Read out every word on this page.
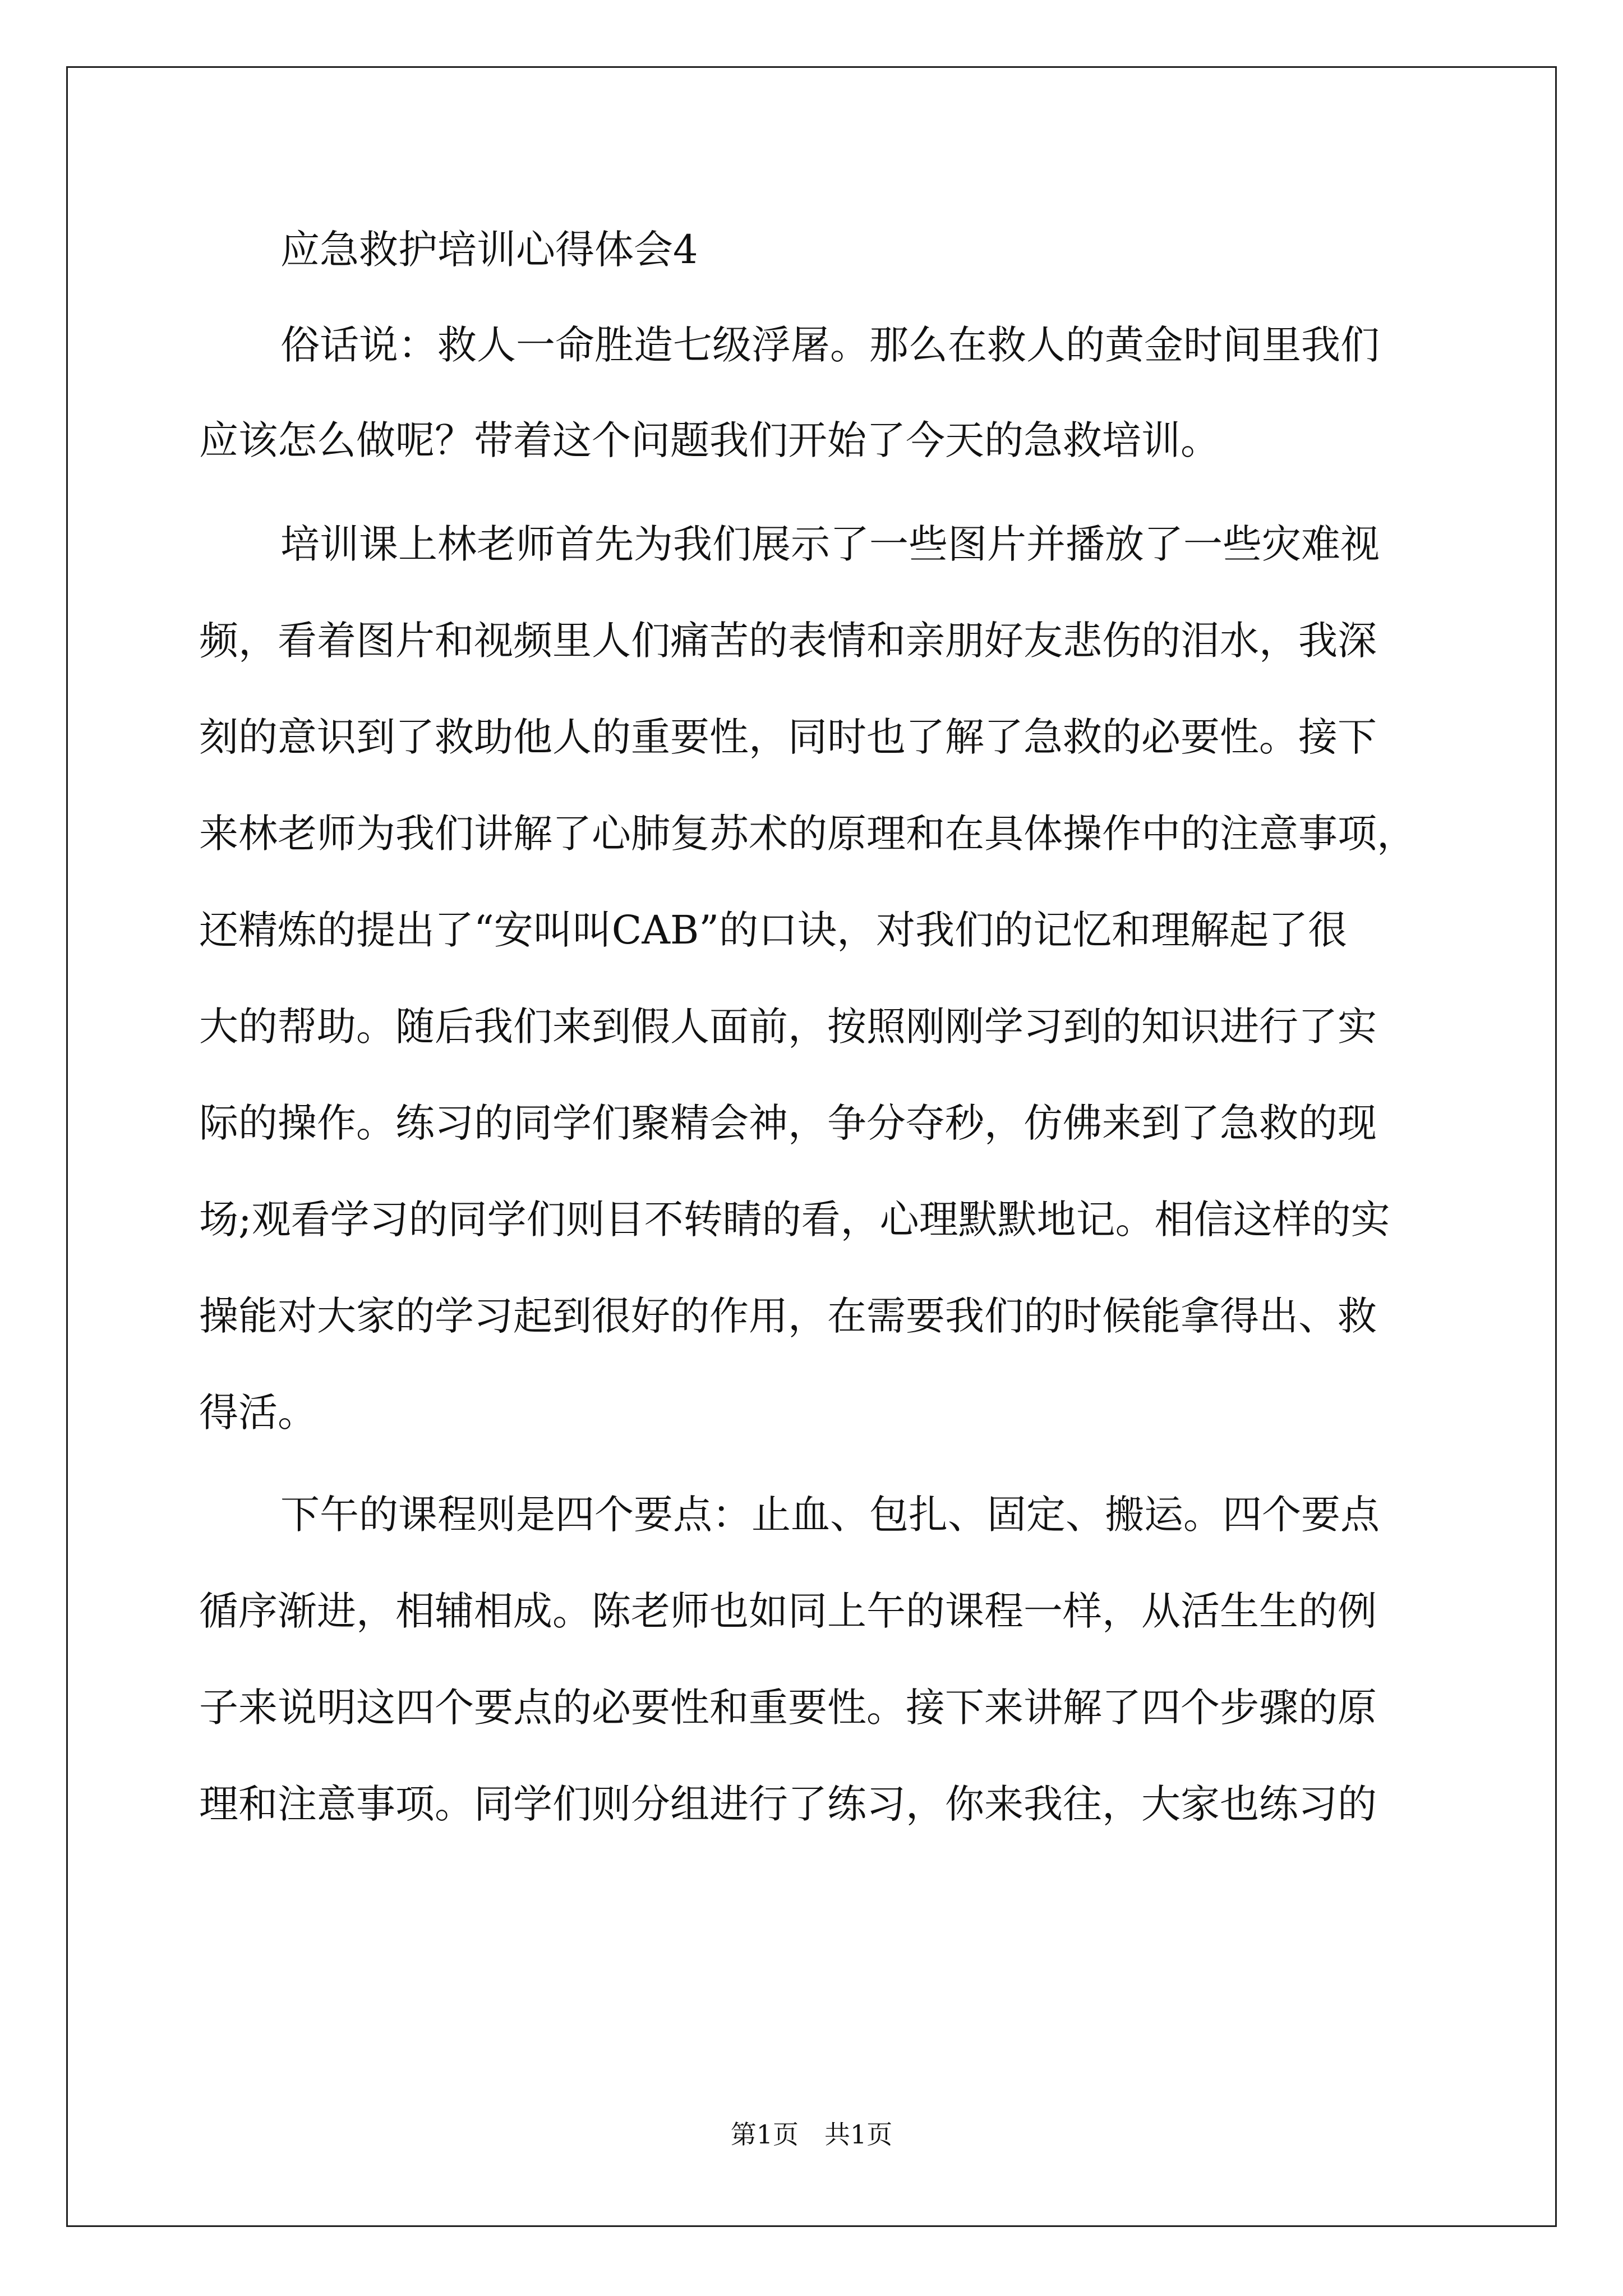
应急救护培训心得体会4
俗话说：救人一命胜造七级浮屠。那么在救人的黄金时间里我们
应该怎么做呢？带着这个问题我们开始了今天的急救培训。
培训课上林老师首先为我们展示了一些图片并播放了一些灾难视
频，看着图片和视频里人们痛苦的表情和亲朋好友悲伤的泪水，我深
刻的意识到了救助他人的重要性，同时也了解了急救的必要性。接下
来林老师为我们讲解了心肺复苏术的原理和在具体操作中的注意事项，
还精炼的提出了“安叫叫CAB”的口诀，对我们的记忆和理解起了很
大的帮助。随后我们来到假人面前，按照刚刚学习到的知识进行了实
际的操作。练习的同学们聚精会神，争分夺秒，仿佛来到了急救的现
场;观看学习的同学们则目不转睛的看，心理默默地记。相信这样的实
操能对大家的学习起到很好的作用，在需要我们的时候能拿得出、救
得活。
下午的课程则是四个要点：止血、包扎、固定、搬运。四个要点
循序渐进，相辅相成。陈老师也如同上午的课程一样，从活生生的例
子来说明这四个要点的必要性和重要性。接下来讲解了四个步骤的原
理和注意事项。同学们则分组进行了练习，你来我往，大家也练习的
第1页　共1页
